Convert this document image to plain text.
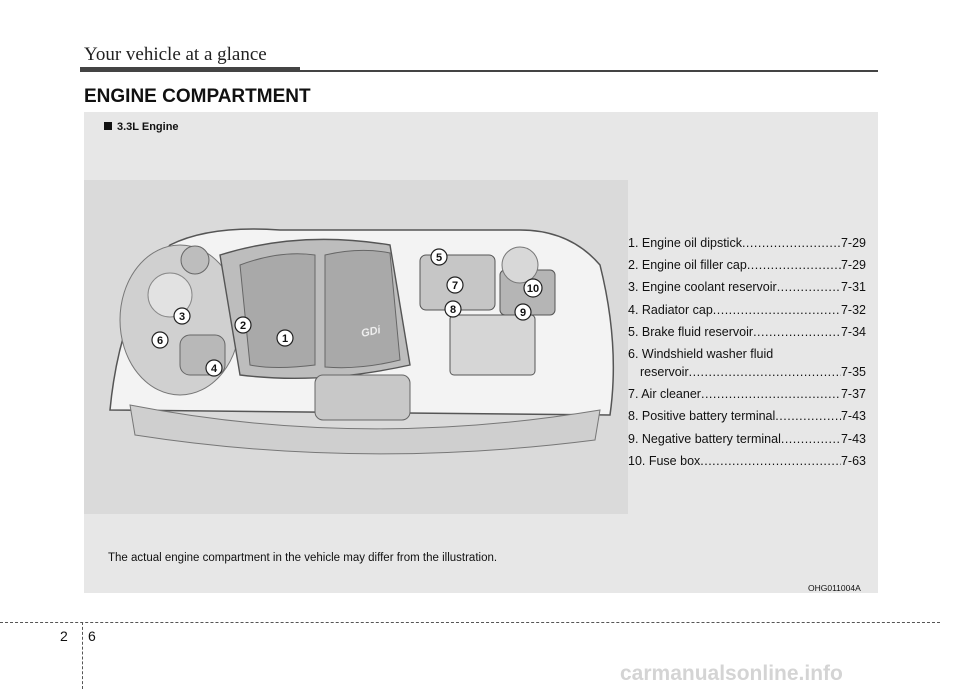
Your vehicle at a glance
ENGINE COMPARTMENT
3.3L Engine
GDi
1
2
3
4
5
6
7
8	9
10
1. Engine oil dipstick .....	7-29
2. Engine oil filler cap .....	7-29
3. Engine coolant reservoir .....	7-31
4. Radiator cap .....	7-32
5. Brake fluid reservoir .....	7-34
6. Windshield washer fluid
reservoir .....	7-35
7. Air cleaner .....	7-37
8. Positive battery terminal .....	7-43
9. Negative battery terminal .....	7-43
10. Fuse box .....	7-63
The actual engine compartment in the vehicle may differ from the illustration.
OHG011004A
2 6
carmanualsonline.info
